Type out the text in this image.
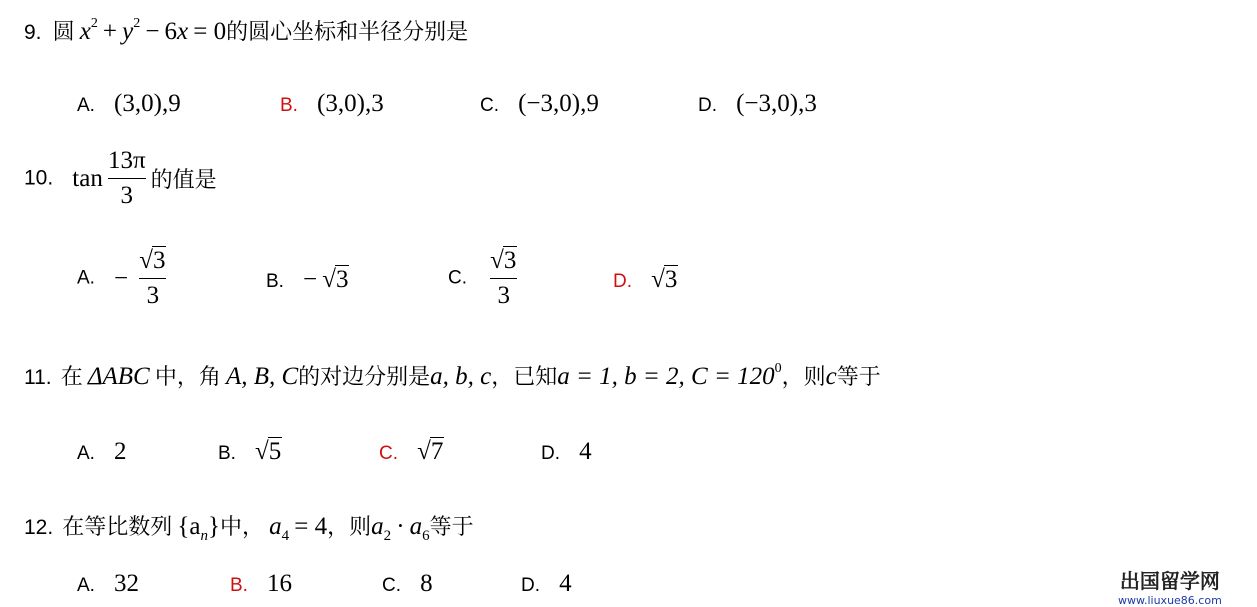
9. 圆 x2 + y2 − 6x = 0的圆心坐标和半径分别是
A. (3,0),9	B. (3,0),3	C. (−3,0),9	D. (−3,0),3
10. $\tan \frac{13\pi}{3}$ 的值是
A. − $\frac{√3}{3}$	B. − √3	C. $\frac{√3}{3}$	D. √3
11. 在 ΔABC 中，角 A, B, C的对边分别是a, b, c，已知a = 1, b = 2, C = 1200，则c等于
A. 2	B. √5	C. √7	D. 4
12. 在等比数列 $\{a_n\}$中， a4 = 4，则a2 · a6等于
A. 32	B. 16	C. 8	D. 4	出国留学网
www.liuxue86.com
